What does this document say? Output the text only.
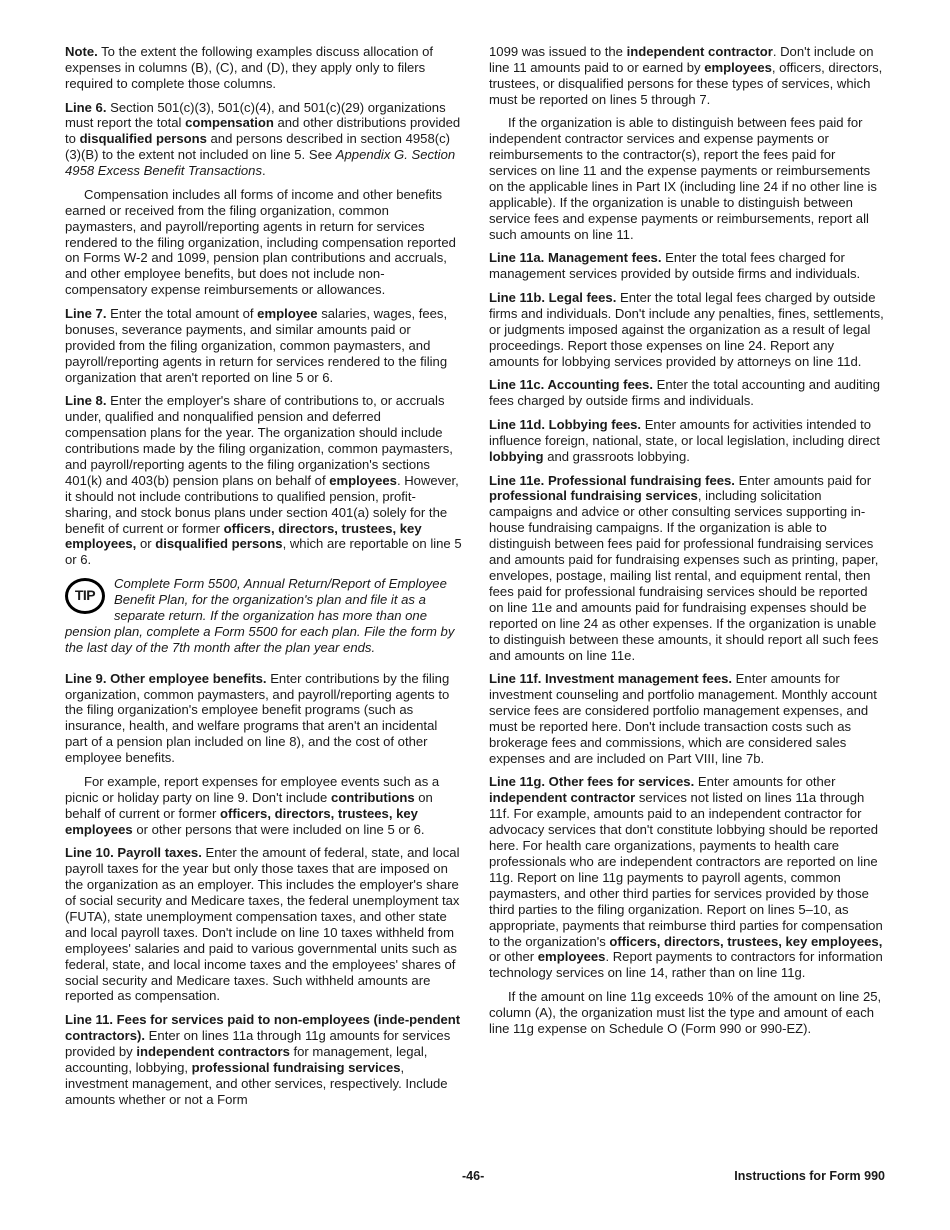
Note. To the extent the following examples discuss allocation of expenses in columns (B), (C), and (D), they apply only to filers required to complete those columns.

Line 6. Section 501(c)(3), 501(c)(4), and 501(c)(29) organizations must report the total compensation and other distributions provided to disqualified persons and persons described in section 4958(c)(3)(B) to the extent not included on line 5. See Appendix G. Section 4958 Excess Benefit Transactions.

Compensation includes all forms of income and other benefits earned or received from the filing organization, common paymasters, and payroll/reporting agents in return for services rendered to the filing organization, including compensation reported on Forms W-2 and 1099, pension plan contributions and accruals, and other employee benefits, but does not include non-compensatory expense reimbursements or allowances.

Line 7. Enter the total amount of employee salaries, wages, fees, bonuses, severance payments, and similar amounts paid or provided from the filing organization, common paymasters, and payroll/reporting agents in return for services rendered to the filing organization that aren't reported on line 5 or 6.

Line 8. Enter the employer's share of contributions to, or accruals under, qualified and nonqualified pension and deferred compensation plans for the year. The organization should include contributions made by the filing organization, common paymasters, and payroll/reporting agents to the filing organization's sections 401(k) and 403(b) pension plans on behalf of employees. However, it should not include contributions to qualified pension, profit-sharing, and stock bonus plans under section 401(a) solely for the benefit of current or former officers, directors, trustees, key employees, or disqualified persons, which are reportable on line 5 or 6.

TIP
Complete Form 5500, Annual Return/Report of Employee Benefit Plan, for the organization's plan and file it as a separate return. If the organization has more than one pension plan, complete a Form 5500 for each plan. File the form by the last day of the 7th month after the plan year ends.

Line 9. Other employee benefits. Enter contributions by the filing organization, common paymasters, and payroll/reporting agents to the filing organization's employee benefit programs (such as insurance, health, and welfare programs that aren't an incidental part of a pension plan included on line 8), and the cost of other employee benefits.

For example, report expenses for employee events such as a picnic or holiday party on line 9. Don't include contributions on behalf of current or former officers, directors, trustees, key employees or other persons that were included on line 5 or 6.

Line 10. Payroll taxes. Enter the amount of federal, state, and local payroll taxes for the year but only those taxes that are imposed on the organization as an employer. This includes the employer's share of social security and Medicare taxes, the federal unemployment tax (FUTA), state unemployment compensation taxes, and other state and local payroll taxes. Don't include on line 10 taxes withheld from employees' salaries and paid to various governmental units such as federal, state, and local income taxes and the employees' shares of social security and Medicare taxes. Such withheld amounts are reported as compensation.

Line 11. Fees for services paid to non-employees (inde-pendent contractors). Enter on lines 11a through 11g amounts for services provided by independent contractors for management, legal, accounting, lobbying, professional fundraising services, investment management, and other services, respectively. Include amounts whether or not a Form

1099 was issued to the independent contractor. Don't include on line 11 amounts paid to or earned by employees, officers, directors, trustees, or disqualified persons for these types of services, which must be reported on lines 5 through 7.

If the organization is able to distinguish between fees paid for independent contractor services and expense payments or reimbursements to the contractor(s), report the fees paid for services on line 11 and the expense payments or reimbursements on the applicable lines in Part IX (including line 24 if no other line is applicable). If the organization is unable to distinguish between service fees and expense payments or reimbursements, report all such amounts on line 11.

Line 11a. Management fees. Enter the total fees charged for management services provided by outside firms and individuals.

Line 11b. Legal fees. Enter the total legal fees charged by outside firms and individuals. Don't include any penalties, fines, settlements, or judgments imposed against the organization as a result of legal proceedings. Report those expenses on line 24. Report any amounts for lobbying services provided by attorneys on line 11d.

Line 11c. Accounting fees. Enter the total accounting and auditing fees charged by outside firms and individuals.

Line 11d. Lobbying fees. Enter amounts for activities intended to influence foreign, national, state, or local legislation, including direct lobbying and grassroots lobbying.

Line 11e. Professional fundraising fees. Enter amounts paid for professional fundraising services, including solicitation campaigns and advice or other consulting services supporting in-house fundraising campaigns. If the organization is able to distinguish between fees paid for professional fundraising services and amounts paid for fundraising expenses such as printing, paper, envelopes, postage, mailing list rental, and equipment rental, then fees paid for professional fundraising services should be reported on line 11e and amounts paid for fundraising expenses should be reported on line 24 as other expenses. If the organization is unable to distinguish between these amounts, it should report all such fees and amounts on line 11e.

Line 11f. Investment management fees. Enter amounts for investment counseling and portfolio management. Monthly account service fees are considered portfolio management expenses, and must be reported here. Don't include transaction costs such as brokerage fees and commissions, which are considered sales expenses and are included on Part VIII, line 7b.

Line 11g. Other fees for services. Enter amounts for other independent contractor services not listed on lines 11a through 11f. For example, amounts paid to an independent contractor for advocacy services that don't constitute lobbying should be reported here. For health care organizations, payments to health care professionals who are independent contractors are reported on line 11g. Report on line 11g payments to payroll agents, common paymasters, and other third parties for services provided by those third parties to the filing organization. Report on lines 5–10, as appropriate, payments that reimburse third parties for compensation to the organization's officers, directors, trustees, key employees, or other employees. Report payments to contractors for information technology services on line 14, rather than on line 11g.

If the amount on line 11g exceeds 10% of the amount on line 25, column (A), the organization must list the type and amount of each line 11g expense on Schedule O (Form 990 or 990-EZ).

-46-	Instructions for Form 990
